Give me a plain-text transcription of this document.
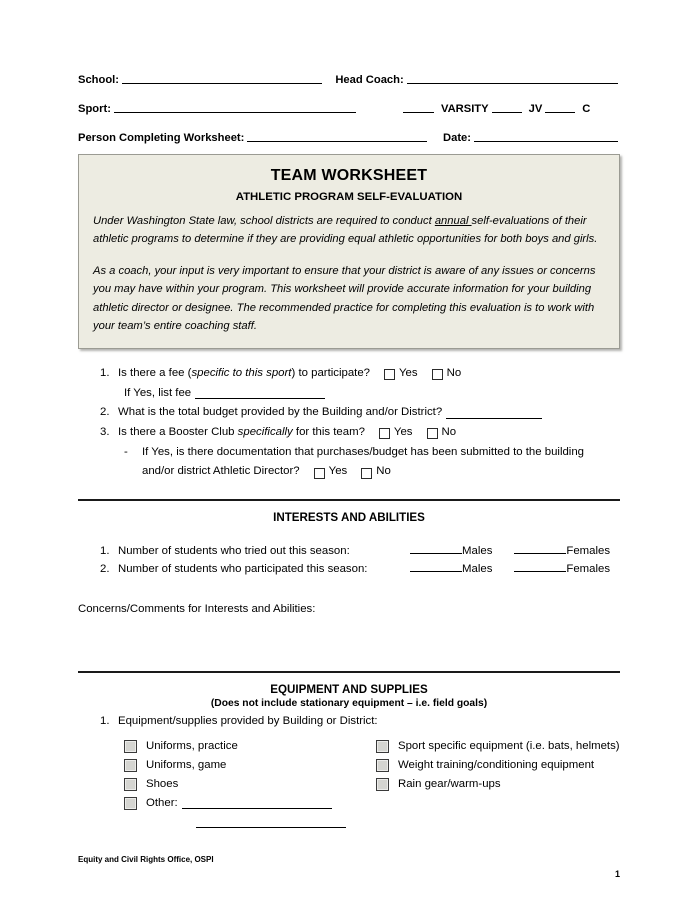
School:	Head Coach:
Sport:	VARSITY	JV	C
Person Completing Worksheet:	Date:
TEAM WORKSHEET
ATHLETIC PROGRAM SELF-EVALUATION

Under Washington State law, school districts are required to conduct annual self-evaluations of their athletic programs to determine if they are providing equal athletic opportunities for both boys and girls.

As a coach, your input is very important to ensure that your district is aware of any issues or concerns you may have within your program. This worksheet will provide accurate information for your building athletic director or designee. The recommended practice for completing this evaluation is to work with your team’s entire coaching staff.

1. Is there a fee (specific to this sport) to participate?	Yes	No
If Yes, list fee
2. What is the total budget provided by the Building and/or District?
3. Is there a Booster Club specifically for this team?	Yes	No
-	If Yes, is there documentation that purchases/budget has been submitted to the building
and/or district Athletic Director?	Yes	No
INTERESTS AND ABILITIES
1. Number of students who tried out this season:	Males	Females
2. Number of students who participated this season:	Males	Females
Concerns/Comments for Interests and Abilities:
EQUIPMENT AND SUPPLIES
(Does not include stationary equipment – i.e. field goals)
1. Equipment/supplies provided by Building or District:
Uniforms, practice
Uniforms, game
Shoes
Other:
Sport specific equipment (i.e. bats, helmets)
Weight training/conditioning equipment
Rain gear/warm-ups
Equity and Civil Rights Office, OSPI
1
